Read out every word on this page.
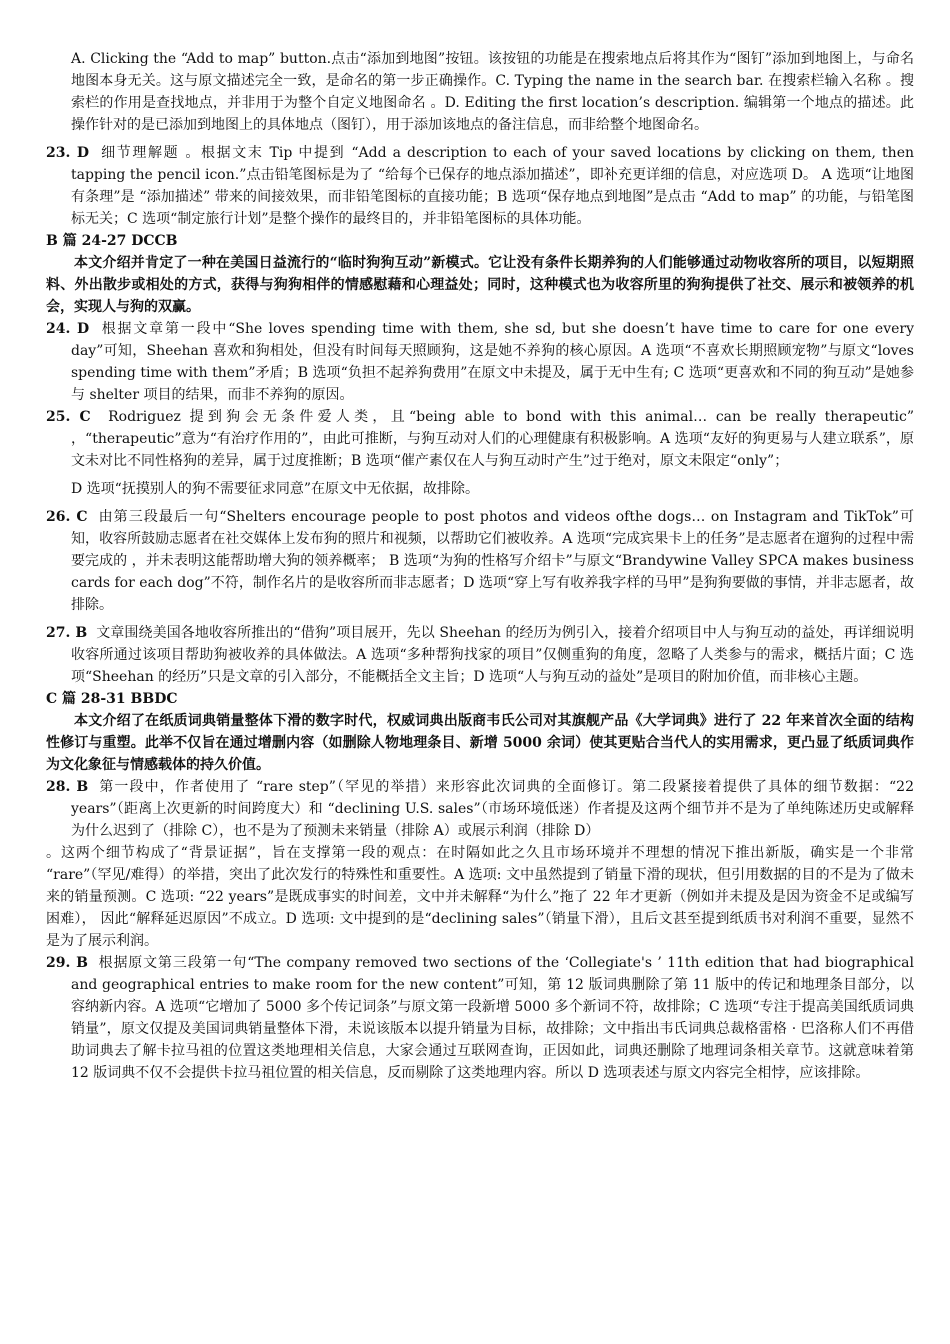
A. Clicking the “Add to map” button.点击“添加到地图”按钮。该按钮的功能是在搜索地点后将其作为“图钉”添加到地图上，与命名地图本身无关。这与原文描述完全一致，是命名的第一步正确操作。C. Typing the name in the search bar. 在搜索栏输入名称 。搜索栏的作用是查找地点，并非用于为整个自定义地图命名 。D. Editing the first location’s description. 编辑第一个地点的描述。此操作针对的是已添加到地图上的具体地点（图钉），用于添加该地点的备注信息，而非给整个地图命名。
23. D 细节理解题 。根据文末 Tip 中提到 “Add a description to each of your saved locations by clicking on them, then tapping the pencil icon.”点击铅笔图标是为了 “给每个已保存的地点添加描述”，即补充更详细的信息，对应选项 D。 A 选项“让地图有条理”是 “添加描述” 带来的间接效果，而非铅笔图标的直接功能；B 选项“保存地点到地图”是点击 “Add to map” 的功能，与铅笔图标无关；C 选项“制定旅行计划”是整个操作的最终目的，并非铅笔图标的具体功能。
B 篇 24-27 DCCB
本文介绍并肯定了一种在美国日益流行的“临时狗狗互动”新模式。它让没有条件长期养狗的人们能够通过动物收容所的项目，以短期照料、外出散步或相处的方式，获得与狗狗相伴的情感慰藉和心理益处；同时，这种模式也为收容所里的狗狗提供了社交、展示和被领养的机会，实现人与狗的双赢。
24. D 根据文章第一段中“She loves spending time with them, she sd, but she doesn’t have time to care for one every day”可知，Sheehan 喜欢和狗相处，但没有时间每天照顾狗，这是她不养狗的核心原因。A 选项“不喜欢长期照顾宠物”与原文“loves spending time with them”矛盾；B 选项“负担不起养狗费用”在原文中未提及，属于无中生有; C 选项“更喜欢和不同的狗互动”是她参与 shelter 项目的结果，而非不养狗的原因。
25. C Rodriguez 提到狗会无条件爱人类，且“being able to bond with this animal… can be really therapeutic” ，“therapeutic”意为“有治疗作用的”，由此可推断，与狗互动对人们的心理健康有积极影响。A 选项“友好的狗更易与人建立联系”，原文未对比不同性格狗的差异，属于过度推断；B 选项“催产素仅在人与狗互动时产生”过于绝对，原文未限定“only”；
D 选项“抚摸别人的狗不需要征求同意”在原文中无依据，故排除。
26. C 由第三段最后一句“Shelters encourage people to post photos and videos ofthe dogs… on Instagram and TikTok”可知，收容所鼓励志愿者在社交媒体上发布狗的照片和视频，以帮助它们被收养。A 选项“完成宾果卡上的任务”是志愿者在遛狗的过程中需要完成的 ，并未表明这能帮助增大狗的领养概率； B 选项“为狗的性格写介绍卡”与原文“Brandywine Valley SPCA makes business cards for each dog”不符，制作名片的是收容所而非志愿者；D 选项“穿上写有收养我字样的马甲”是狗狗要做的事情，并非志愿者，故排除。
27. B 文章围绕美国各地收容所推出的“借狗”项目展开，先以 Sheehan 的经历为例引入，接着介绍项目中人与狗互动的益处，再详细说明收容所通过该项目帮助狗被收养的具体做法。A 选项“多种帮狗找家的项目”仅侧重狗的角度，忽略了人类参与的需求，概括片面；C 选项“Sheehan 的经历”只是文章的引入部分，不能概括全文主旨；D 选项“人与狗互动的益处”是项目的附加价值，而非核心主题。
C 篇 28-31 BBDC
本文介绍了在纸质词典销量整体下滑的数字时代，权威词典出版商韦氏公司对其旗舰产品《大学词典》进行了 22 年来首次全面的结构性修订与重塑。此举不仅旨在通过增删内容（如删除人物地理条目、新增 5000 余词）使其更贴合当代人的实用需求，更凸显了纸质词典作为文化象征与情感载体的持久价值。
28. B 第一段中，作者使用了 “rare step”（罕见的举措）来形容此次词典的全面修订。第二段紧接着提供了具体的细节数据：“22 years”（距离上次更新的时间跨度大）和 “declining U.S. sales”（市场环境低迷）作者提及这两个细节并不是为了单纯陈述历史或解释为什么迟到了（排除 C），也不是为了预测未来销量（排除 A）或展示利润（排除 D）
。这两个细节构成了“背景证据”，旨在支撑第一段的观点：在时隔如此之久且市场环境并不理想的情况下推出新版，确实是一个非常 “rare”（罕见/难得）的举措，突出了此次发行的特殊性和重要性。A 选项: 文中虽然提到了销量下滑的现状，但引用数据的目的不是为了做未来的销量预测。C 选项: “22 years”是既成事实的时间差，文中并未解释“为什么”拖了 22 年才更新（例如并未提及是因为资金不足或编写困难）， 因此“解释延迟原因”不成立。D 选项: 文中提到的是“declining sales”（销量下滑），且后文甚至提到纸质书对利润不重要，显然不是为了展示利润。
29. B 根据原文第三段第一句“The company removed two sections of the ‘Collegiate's ’ 11th edition that had biographical and geographical entries to make room for the new content”可知，第 12 版词典删除了第 11 版中的传记和地理条目部分，以容纳新内容。A 选项“它增加了 5000 多个传记词条”与原文第一段新增 5000 多个新词不符，故排除；C 选项“专注于提高美国纸质词典销量”，原文仅提及美国词典销量整体下滑，未说该版本以提升销量为目标，故排除；文中指出韦氏词典总裁格雷格 · 巴洛称人们不再借助词典去了解卡拉马祖的位置这类地理相关信息，大家会通过互联网查询，正因如此，词典还删除了地理词条相关章节。这就意味着第 12 版词典不仅不会提供卡拉马祖位置的相关信息，反而剔除了这类地理内容。所以 D 选项表述与原文内容完全相悖，应该排除。
